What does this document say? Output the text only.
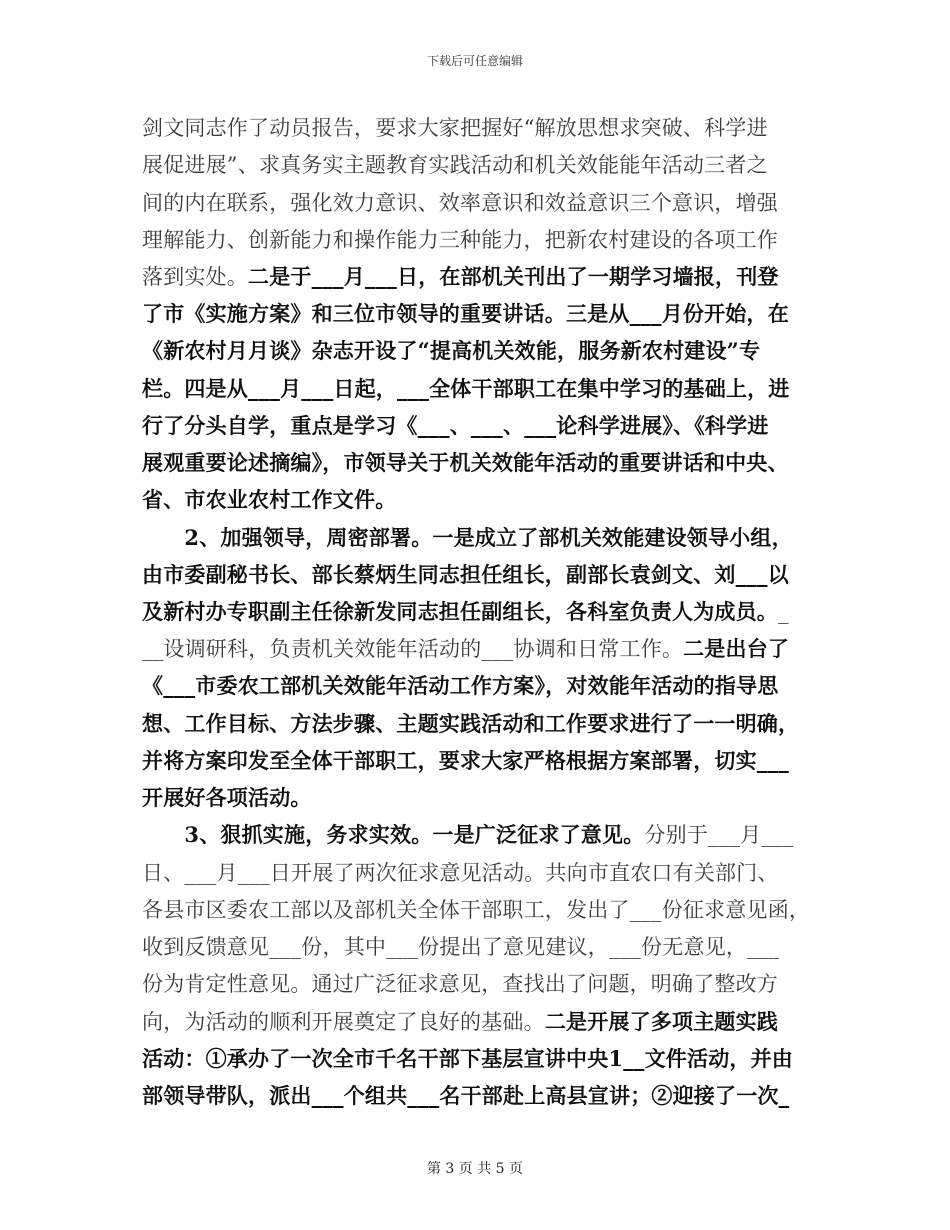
下载后可任意编辑
剑文同志作了动员报告，要求大家把握好“解放思想求突破、科学进
展促进展”、求真务实主题教育实践活动和机关效能能年活动三者之
间的内在联系，强化效力意识、效率意识和效益意识三个意识，增强
理解能力、创新能力和操作能力三种能力，把新农村建设的各项工作
落到实处。二是于___月___日，在部机关刊出了一期学习墙报，刊登
了市《实施方案》和三位市领导的重要讲话。三是从___月份开始，在
《新农村月月谈》杂志开设了“提高机关效能，服务新农村建设”专
栏。四是从___月___日起，___全体干部职工在集中学习的基础上，进
行了分头自学，重点是学习《___、___、___论科学进展》、《科学进
展观重要论述摘编》，市领导关于机关效能年活动的重要讲话和中央、
省、市农业农村工作文件。
　　2、加强领导，周密部署。一是成立了部机关效能建设领导小组，
由市委副秘书长、部长蔡炳生同志担任组长，副部长袁剑文、刘___以
及新村办专职副主任徐新发同志担任副组长，各科室负责人为成员。_
__设调研科，负责机关效能年活动的___协调和日常工作。二是出台了
《___市委农工部机关效能年活动工作方案》，对效能年活动的指导思
想、工作目标、方法步骤、主题实践活动和工作要求进行了一一明确，
并将方案印发至全体干部职工，要求大家严格根据方案部署，切实___
开展好各项活动。
　　3、狠抓实施，务求实效。一是广泛征求了意见。分别于___月___
日、___月___日开展了两次征求意见活动。共向市直农口有关部门、
各县市区委农工部以及部机关全体干部职工，发出了___份征求意见函，
收到反馈意见___份，其中___份提出了意见建议，___份无意见，___
份为肯定性意见。通过广泛征求意见，查找出了问题，明确了整改方
向，为活动的顺利开展奠定了良好的基础。二是开展了多项主题实践
活动：①承办了一次全市千名干部下基层宣讲中央1__文件活动，并由
部领导带队，派出___个组共___名干部赴上高县宣讲；②迎接了一次_
第 3 页 共 5 页
